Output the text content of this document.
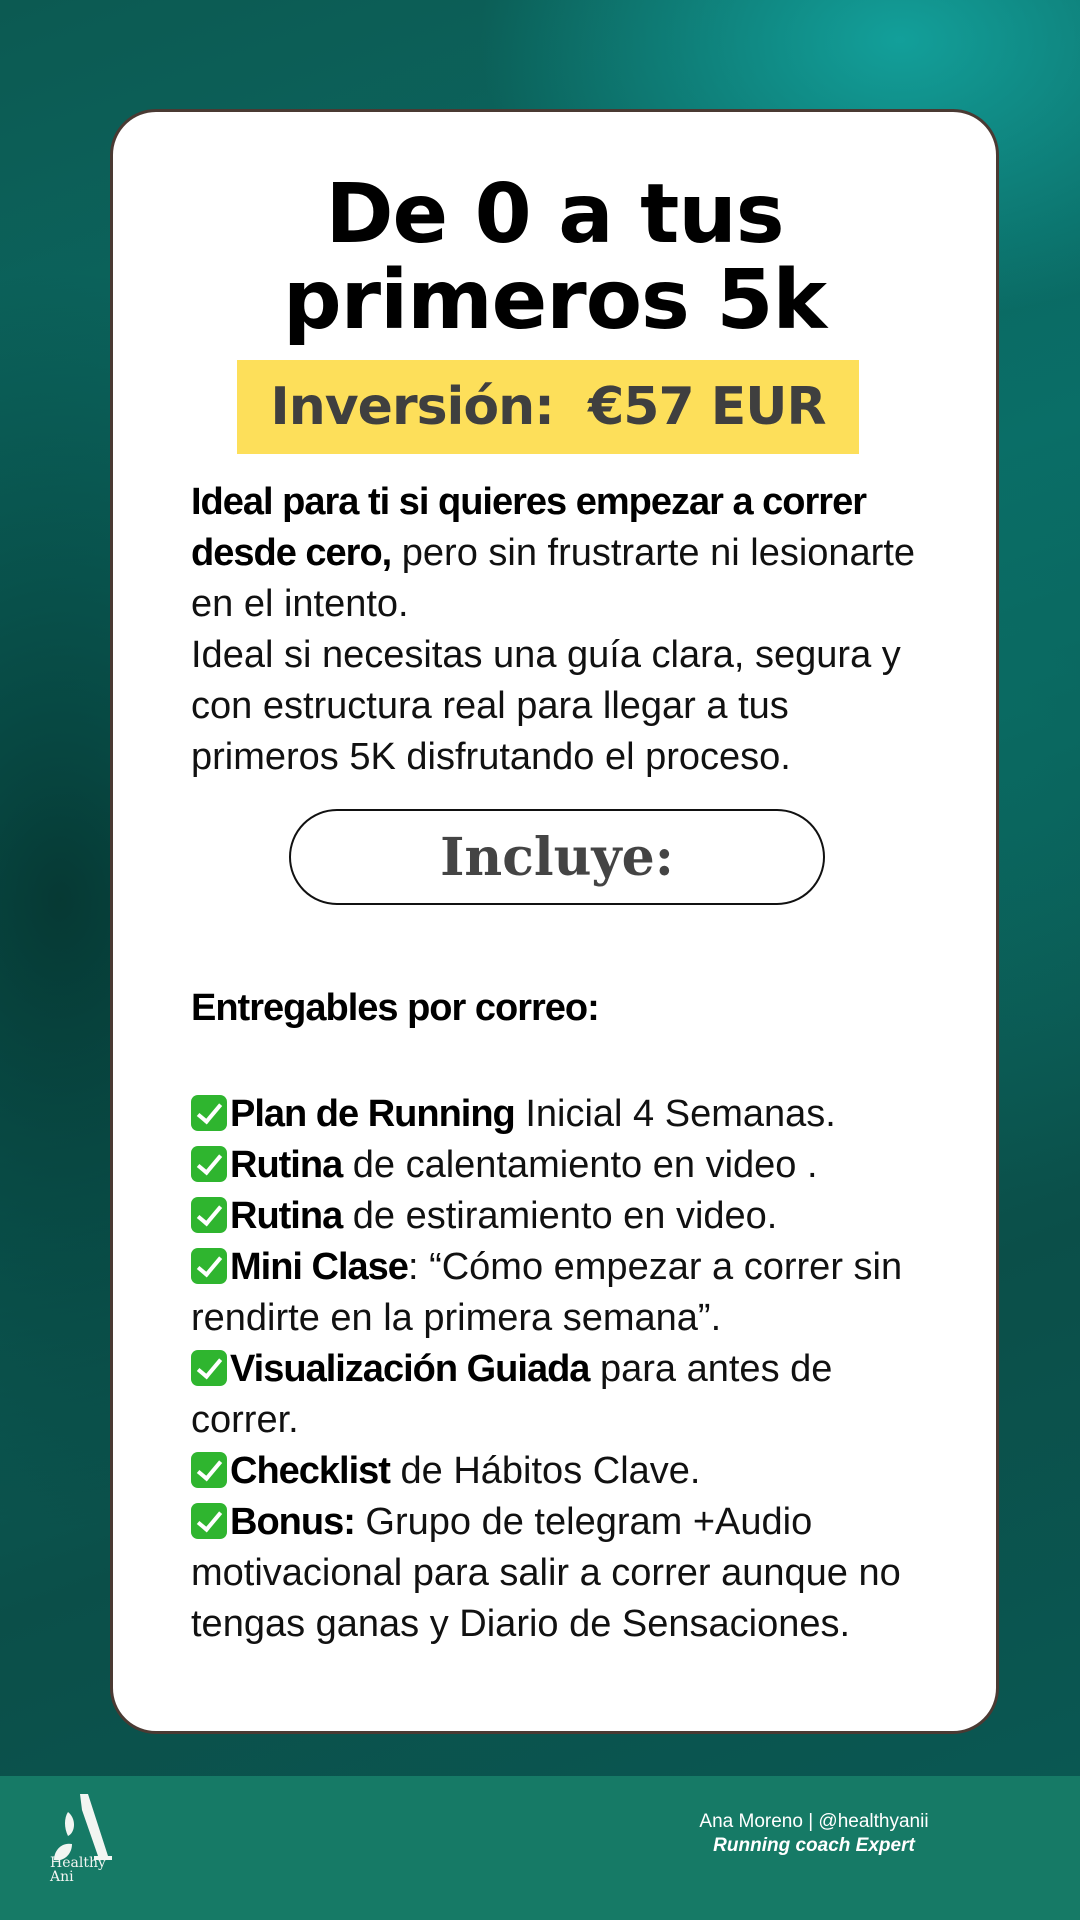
De 0 a tus
primeros 5k
Inversión:  €57 EUR

Ideal para ti si quieres empezar a correr desde cero, pero sin frustrarte ni lesionarte en el intento.
Ideal si necesitas una guía clara, segura y con estructura real para llegar a tus primeros 5K disfrutando el proceso.

Incluye:
Entregables por correo:
Plan de Running Inicial 4 Semanas.
Rutina de calentamiento en video .
Rutina de estiramiento en video.
Mini Clase: “Cómo empezar a correr sin rendirte en la primera semana”.
Visualización Guiada para antes de correr.
Checklist de Hábitos Clave.
Bonus: Grupo de telegram +Audio motivacional para salir a correr aunque no tengas ganas y Diario de Sensaciones.
Healthy
Ani
Ana Moreno | @healthyanii
Running coach Expert
